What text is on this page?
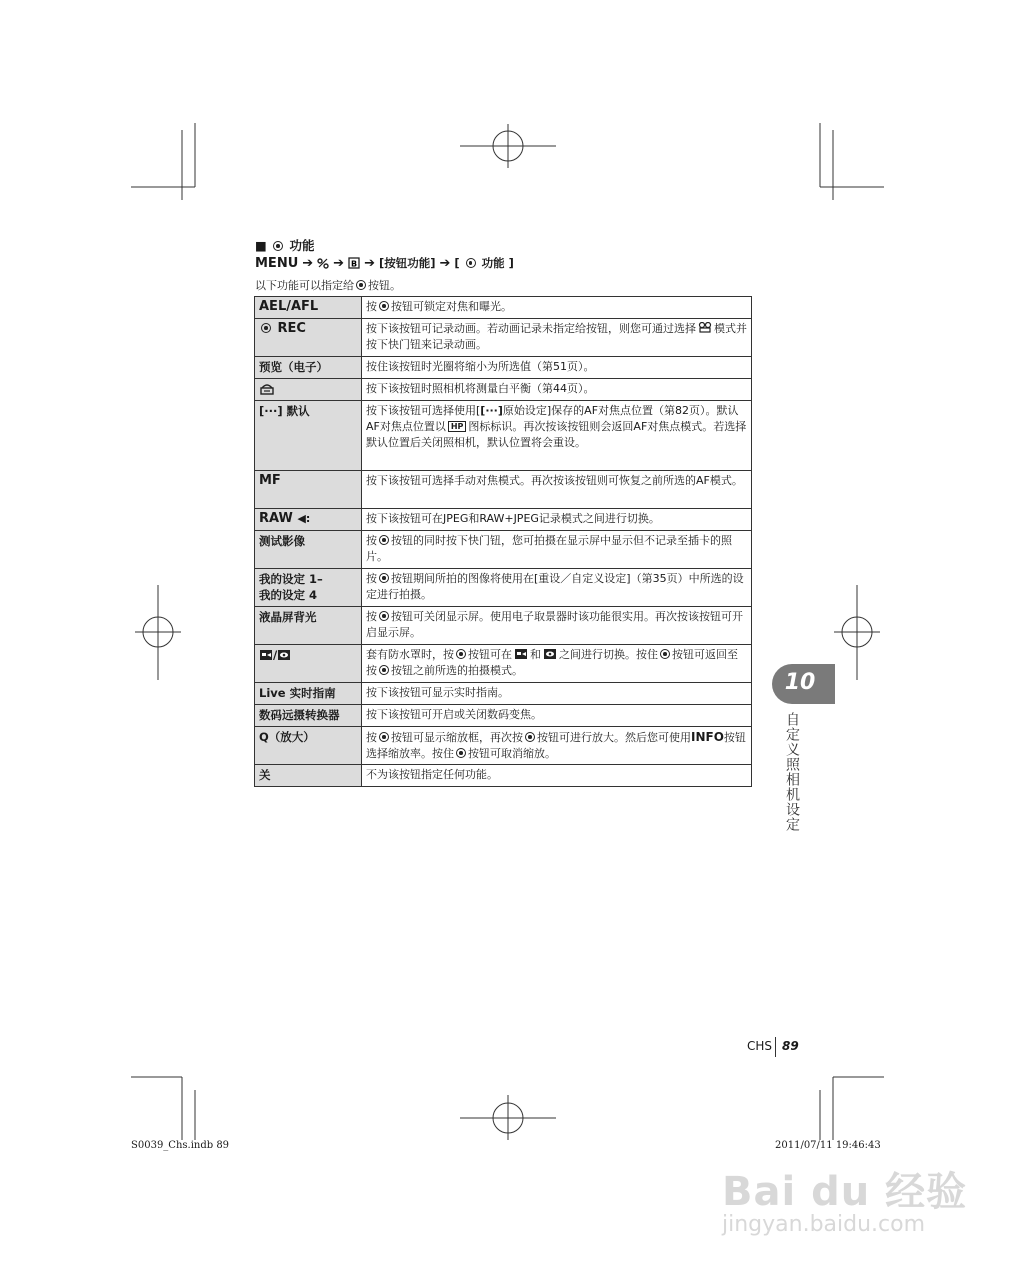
■ 功能
MENU ➔ ➔ B ➔ [按钮功能] ➔ [ 功能 ]
以下功能可以指定给 按钮。
AEL/AFL	按 按钮可锁定对焦和曝光。
REC	按下该按钮可记录动画。若动画记录未指定给按钮，则您可通过选择 模式并按下快门钮来记录动画。
预览（电子）	按住该按钮时光圈将缩小为所选值（第51页）。
	按下该按钮时照相机将测量白平衡（第44页）。
[···] 默认	按下该按钮可选择使用[[···]原始设定]保存的AF对焦点位置（第82页）。默认AF对焦点位置以 HP 图标标识。再次按该按钮则会返回AF对焦点模式。若选择默认位置后关闭照相机，默认位置将会重设。
MF	按下该按钮可选择手动对焦模式。再次按该按钮则可恢复之前所选的AF模式。
RAW ◀:	按下该按钮可在JPEG和RAW+JPEG记录模式之间进行切换。
测试影像	按 按钮的同时按下快门钮，您可拍摄在显示屏中显示但不记录至插卡的照片。

我的设定 1–
我的设定 4	按 按钮期间所拍的图像将使用在[重设／自定义设定]（第35页）中所选的设定进行拍摄。
液晶屏背光	按 按钮可关闭显示屏。使用电子取景器时该功能很实用。再次按该按钮可开启显示屏。
/	套有防水罩时，按 按钮可在 和 之间进行切换。按住 按钮可返回至按 按钮之前所选的拍摄模式。
Live 实时指南	按下该按钮可显示实时指南。
数码远摄转换器	按下该按钮可开启或关闭数码变焦。
Q（放大）	按 按钮可显示缩放框，再次按 按钮可进行放大。然后您可使用INFO按钮选择缩放率。按住 按钮可取消缩放。
关	不为该按钮指定任何功能。
10
自定义照相机设定
CHS 89
S0039_Chs.indb 89	2011/07/11 19:46:43
Bai du 经验
jingyan.baidu.com
